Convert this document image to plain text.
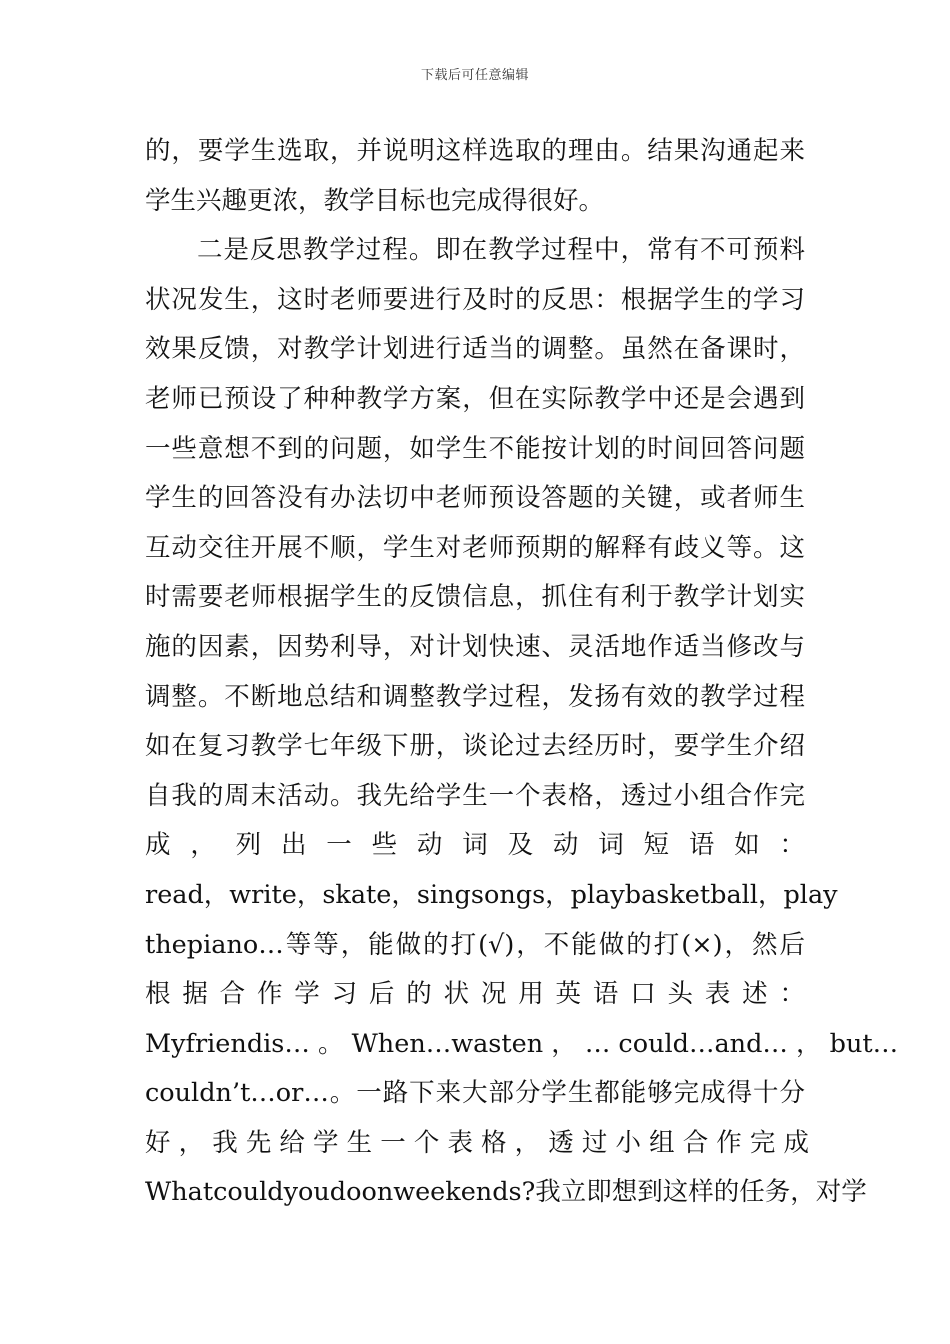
下载后可任意编辑
的，要学生选取，并说明这样选取的理由。结果沟通起来
学生兴趣更浓，教学目标也完成得很好。
二是反思教学过程。即在教学过程中，常有不可预料
状况发生，这时老师要进行及时的反思：根据学生的学习
效果反馈，对教学计划进行适当的调整。虽然在备课时，
老师已预设了种种教学方案，但在实际教学中还是会遇到
一些意想不到的问题，如学生不能按计划的时间回答问题
学生的回答没有办法切中老师预设答题的关键，或者师生
互动交往开展不顺，学生对老师预期的解释有歧义等。这
时需要老师根据学生的反馈信息，抓住有利于教学计划实
施的因素，因势利导，对计划快速、灵活地作适当修改与
调整。不断地总结和调整教学过程，发扬有效的教学过程
如在复习教学七年级下册，谈论过去经历时，要学生介绍
自我的周末活动。我先给学生一个表格，透过小组合作完
成 ， 列 出 一 些 动 词 及 动 词 短 语 如 ：
read，write，skate，singsongs，playbasketball，play
thepiano…等等，能做的打(√)，不能做的打(×)，然后
根 据 合 作 学 习 后 的 状 况 用 英 语 口 头 表 述 ：
Myfriendis… 。 When…wasten ， … could…and… ， but…
couldn’t…or…。一路下来大部分学生都能够完成得十分
好 ， 我 先 给 学 生 一 个 表 格 ， 透 过 小 组 合 作 完 成
Whatcouldyoudoonweekends?我立即想到这样的任务，对学
